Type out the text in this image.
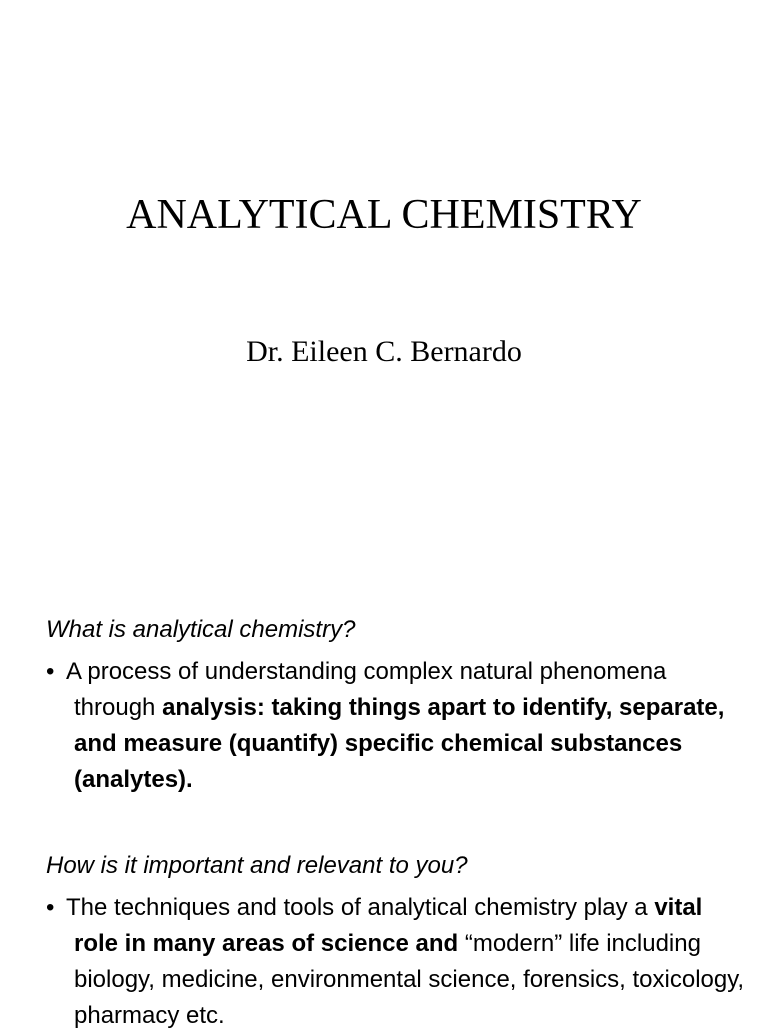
ANALYTICAL CHEMISTRY
Dr. Eileen C. Bernardo

What is analytical chemistry?

• A process of understanding complex natural phenomena through analysis: taking things apart to identify, separate, and measure (quantify) specific chemical substances (analytes).

How is it important and relevant to you?

• The techniques and tools of analytical chemistry play a vital role in many areas of science and “modern” life including biology, medicine, environmental science, forensics, toxicology, pharmacy etc.
